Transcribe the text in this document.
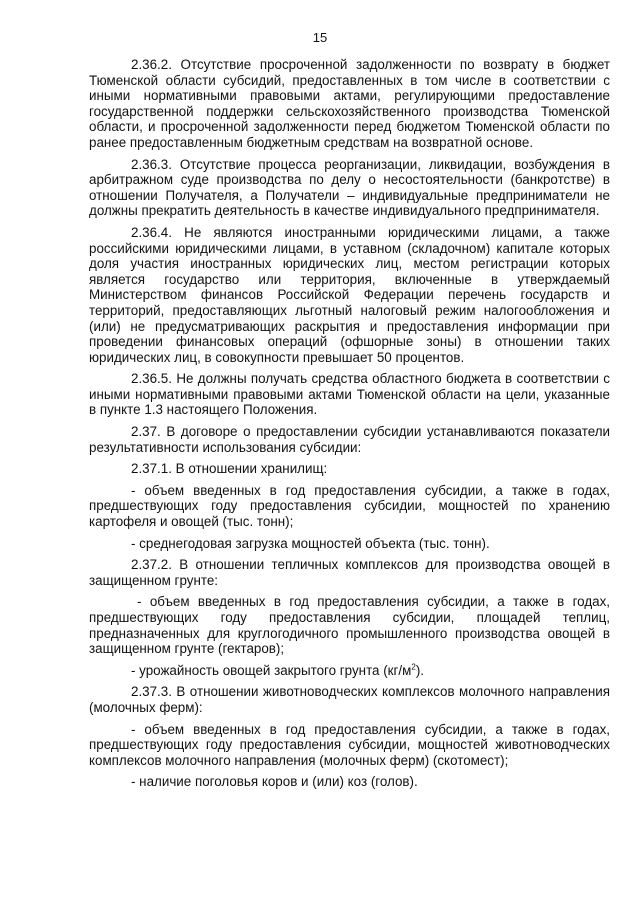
15

2.36.2. Отсутствие просроченной задолженности по возврату в бюджет Тюменской области субсидий, предоставленных в том числе в соответствии с иными нормативными правовыми актами, регулирующими предоставление государственной поддержки сельскохозяйственного производства Тюменской области, и просроченной задолженности перед бюджетом Тюменской области по ранее предоставленным бюджетным средствам на возвратной основе.

2.36.3. Отсутствие процесса реорганизации, ликвидации, возбуждения в арбитражном суде производства по делу о несостоятельности (банкротстве) в отношении Получателя, а Получатели – индивидуальные предприниматели не должны прекратить деятельность в качестве индивидуального предпринимателя.

2.36.4. Не являются иностранными юридическими лицами, а также российскими юридическими лицами, в уставном (складочном) капитале которых доля участия иностранных юридических лиц, местом регистрации которых является государство или территория, включенные в утверждаемый Министерством финансов Российской Федерации перечень государств и территорий, предоставляющих льготный налоговый режим налогообложения и (или) не предусматривающих раскрытия и предоставления информации при проведении финансовых операций (офшорные зоны) в отношении таких юридических лиц, в совокупности превышает 50 процентов.

2.36.5. Не должны получать средства областного бюджета в соответствии с иными нормативными правовыми актами Тюменской области на цели, указанные в пункте 1.3 настоящего Положения.

2.37. В договоре о предоставлении субсидии устанавливаются показатели результативности использования субсидии:

2.37.1. В отношении хранилищ:

- объем введенных в год предоставления субсидии, а также в годах, предшествующих году предоставления субсидии, мощностей по хранению картофеля и овощей (тыс. тонн);

- среднегодовая загрузка мощностей объекта (тыс. тонн).

2.37.2. В отношении тепличных комплексов для производства овощей в защищенном грунте:

- объем введенных в год предоставления субсидии, а также в годах, предшествующих году предоставления субсидии, площадей теплиц, предназначенных для круглогодичного промышленного производства овощей в защищенном грунте (гектаров);

- урожайность овощей закрытого грунта $(кг/м^2)$.

2.37.3. В отношении животноводческих комплексов молочного направления (молочных ферм):

- объем введенных в год предоставления субсидии, а также в годах, предшествующих году предоставления субсидии, мощностей животноводческих комплексов молочного направления (молочных ферм) (скотомест);

- наличие поголовья коров и (или) коз (голов).
